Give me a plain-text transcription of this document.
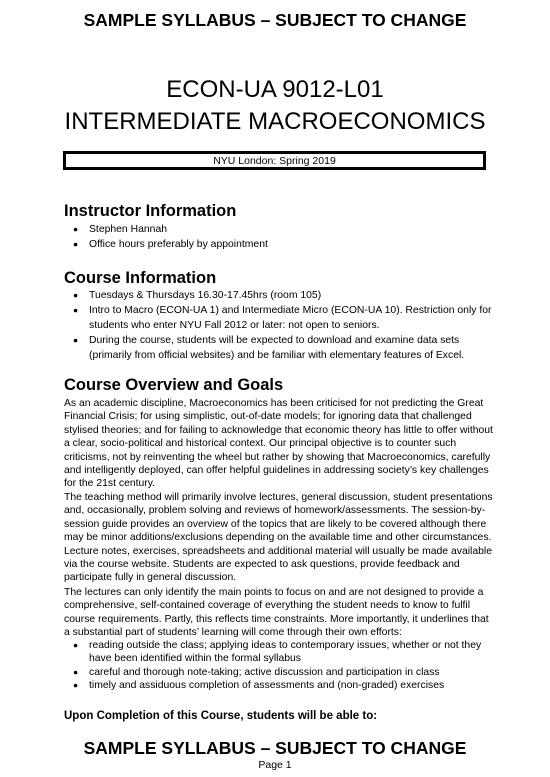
SAMPLE SYLLABUS – SUBJECT TO CHANGE
ECON-UA 9012-L01
INTERMEDIATE MACROECONOMICS
NYU London: Spring 2019
Instructor Information
● Stephen Hannah
● Office hours preferably by appointment
Course Information
● Tuesdays & Thursdays 16.30-17.45hrs (room 105)
● Intro to Macro (ECON-UA 1) and Intermediate Micro (ECON-UA 10). Restriction only for students who enter NYU Fall 2012 or later: not open to seniors.
● During the course, students will be expected to download and examine data sets (primarily from official websites) and be familiar with elementary features of Excel.
Course Overview and Goals

As an academic discipline, Macroeconomics has been criticised for not predicting the Great Financial Crisis; for using simplistic, out-of-date models; for ignoring data that challenged stylised theories; and for failing to acknowledge that economic theory has little to offer without a clear, socio-political and historical context. Our principal objective is to counter such criticisms, not by reinventing the wheel but rather by showing that Macroeconomics, carefully and intelligently deployed, can offer helpful guidelines in addressing society’s key challenges for the 21st century.

The teaching method will primarily involve lectures, general discussion, student presentations and, occasionally, problem solving and reviews of homework/assessments. The session-by-session guide provides an overview of the topics that are likely to be covered although there may be minor additions/exclusions depending on the available time and other circumstances. Lecture notes, exercises, spreadsheets and additional material will usually be made available via the course website. Students are expected to ask questions, provide feedback and participate fully in general discussion.

The lectures can only identify the main points to focus on and are not designed to provide a comprehensive, self-contained coverage of everything the student needs to know to fulfil course requirements. Partly, this reflects time constraints. More importantly, it underlines that a substantial part of students’ learning will come through their own efforts:

● reading outside the class; applying ideas to contemporary issues, whether or not they have been identified within the formal syllabus
● careful and thorough note-taking; active discussion and participation in class
● timely and assiduous completion of assessments and (non-graded) exercises
Upon Completion of this Course, students will be able to:
SAMPLE SYLLABUS – SUBJECT TO CHANGE
Page 1
